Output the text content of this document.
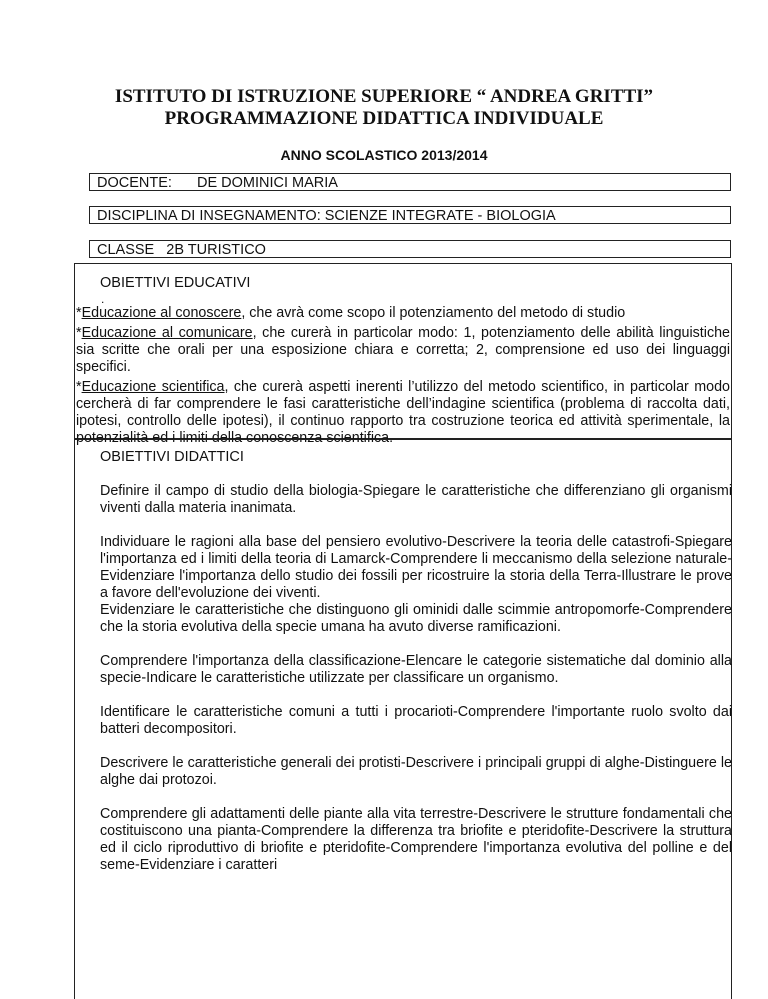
ISTITUTO DI ISTRUZIONE SUPERIORE “ ANDREA GRITTI”
PROGRAMMAZIONE DIDATTICA INDIVIDUALE
ANNO SCOLASTICO 2013/2014
DOCENTE: DE DOMINICI MARIA
DISCIPLINA DI INSEGNAMENTO: SCIENZE INTEGRATE - BIOLOGIA
CLASSE   2B TURISTICO
OBIETTIVI EDUCATIVI
.
*Educazione al conoscere, che avrà come scopo il potenziamento del metodo di studio
*Educazione al comunicare, che curerà in particolar modo: 1, potenziamento delle abilità linguistiche sia scritte che orali per una esposizione chiara e corretta; 2, comprensione ed uso dei linguaggi specifici.
*Educazione scientifica, che curerà aspetti inerenti l’utilizzo del metodo scientifico, in particolar modo cercherà di far comprendere le fasi caratteristiche dell’indagine scientifica (problema di raccolta dati, ipotesi, controllo delle ipotesi), il continuo rapporto tra costruzione teorica ed attività sperimentale, la potenzialità ed i limiti della conoscenza scientifica.
OBIETTIVI DIDATTICI
Definire il campo di studio della biologia-Spiegare le caratteristiche che differenziano gli organismi viventi dalla materia inanimata.
Individuare le ragioni alla base del pensiero evolutivo-Descrivere la teoria delle catastrofi-Spiegare l'importanza ed i limiti della teoria di Lamarck-Comprendere li meccanismo della selezione naturale-Evidenziare l'importanza dello studio dei fossili per ricostruire la storia della Terra-Illustrare le prove a favore dell'evoluzione dei viventi.
Evidenziare le caratteristiche che distinguono gli ominidi dalle scimmie antropomorfe-Comprendere che la storia evolutiva della specie umana ha avuto diverse ramificazioni.
Comprendere l'importanza della classificazione-Elencare le categorie sistematiche dal dominio alla specie-Indicare le caratteristiche utilizzate per classificare un organismo.
Identificare le caratteristiche comuni a tutti i procarioti-Comprendere l'importante ruolo svolto dai batteri decompositori.
Descrivere le caratteristiche generali dei protisti-Descrivere i principali gruppi di alghe-Distinguere le alghe dai protozoi.
Comprendere gli adattamenti delle piante alla vita terrestre-Descrivere le strutture fondamentali che costituiscono una pianta-Comprendere la differenza tra briofite e pteridofite-Descrivere la struttura ed il ciclo riproduttivo di briofite e pteridofite-Comprendere l'importanza evolutiva del polline e del seme-Evidenziare i caratteri
